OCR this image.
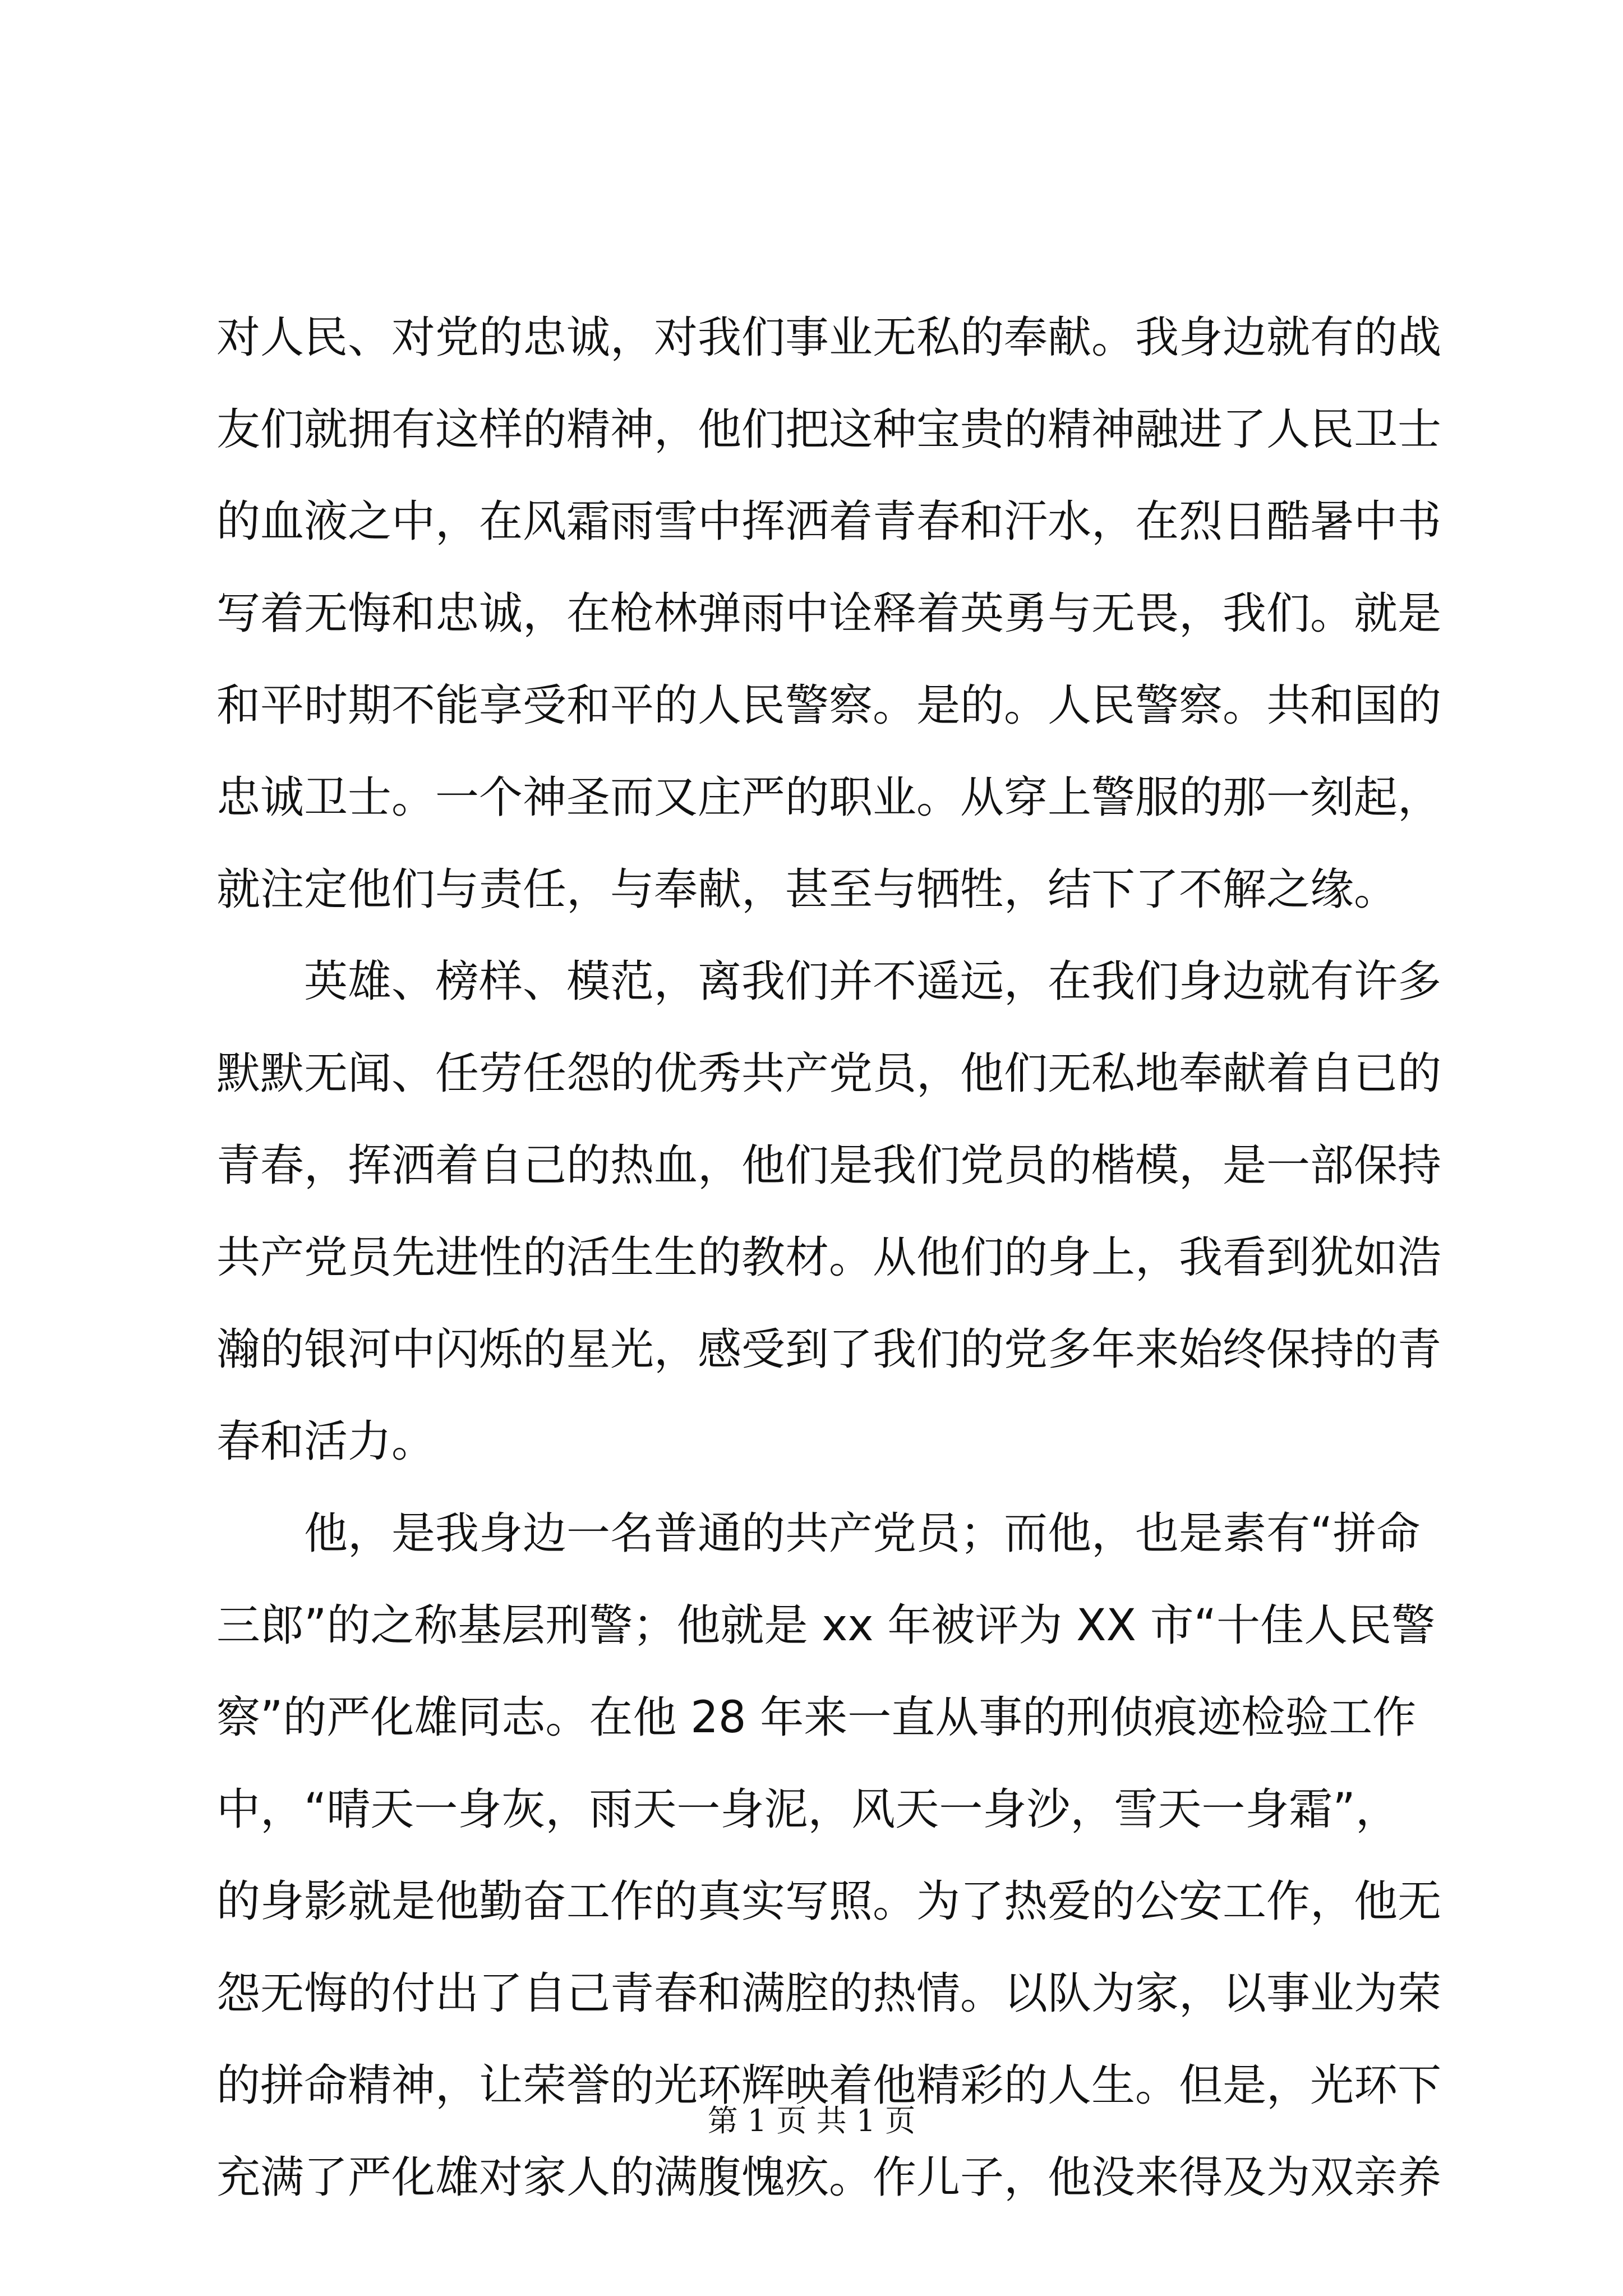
对人民、对党的忠诚，对我们事业无私的奉献。我身边就有的战
友们就拥有这样的精神，他们把这种宝贵的精神融进了人民卫士
的血液之中，在风霜雨雪中挥洒着青春和汗水，在烈日酷暑中书
写着无悔和忠诚，在枪林弹雨中诠释着英勇与无畏，我们。就是
和平时期不能享受和平的人民警察。是的。人民警察。共和国的
忠诚卫士。一个神圣而又庄严的职业。从穿上警服的那一刻起，
就注定他们与责任，与奉献，甚至与牺牲，结下了不解之缘。
英雄、榜样、模范，离我们并不遥远，在我们身边就有许多
默默无闻、任劳任怨的优秀共产党员，他们无私地奉献着自已的
青春，挥洒着自己的热血，他们是我们党员的楷模，是一部保持
共产党员先进性的活生生的教材。从他们的身上，我看到犹如浩
瀚的银河中闪烁的星光，感受到了我们的党多年来始终保持的青
春和活力。
他，是我身边一名普通的共产党员；而他，也是素有“拼命
三郎”的之称基层刑警；他就是 xx 年被评为 XX 市“十佳人民警
察”的严化雄同志。在他 28 年来一直从事的刑侦痕迹检验工作
中，“晴天一身灰，雨天一身泥，风天一身沙，雪天一身霜”，
的身影就是他勤奋工作的真实写照。为了热爱的公安工作，他无
怨无悔的付出了自己青春和满腔的热情。以队为家，以事业为荣
的拼命精神，让荣誉的光环辉映着他精彩的人生。但是，光环下
充满了严化雄对家人的满腹愧疚。作儿子，他没来得及为双亲养
第 1 页 共 1 页
